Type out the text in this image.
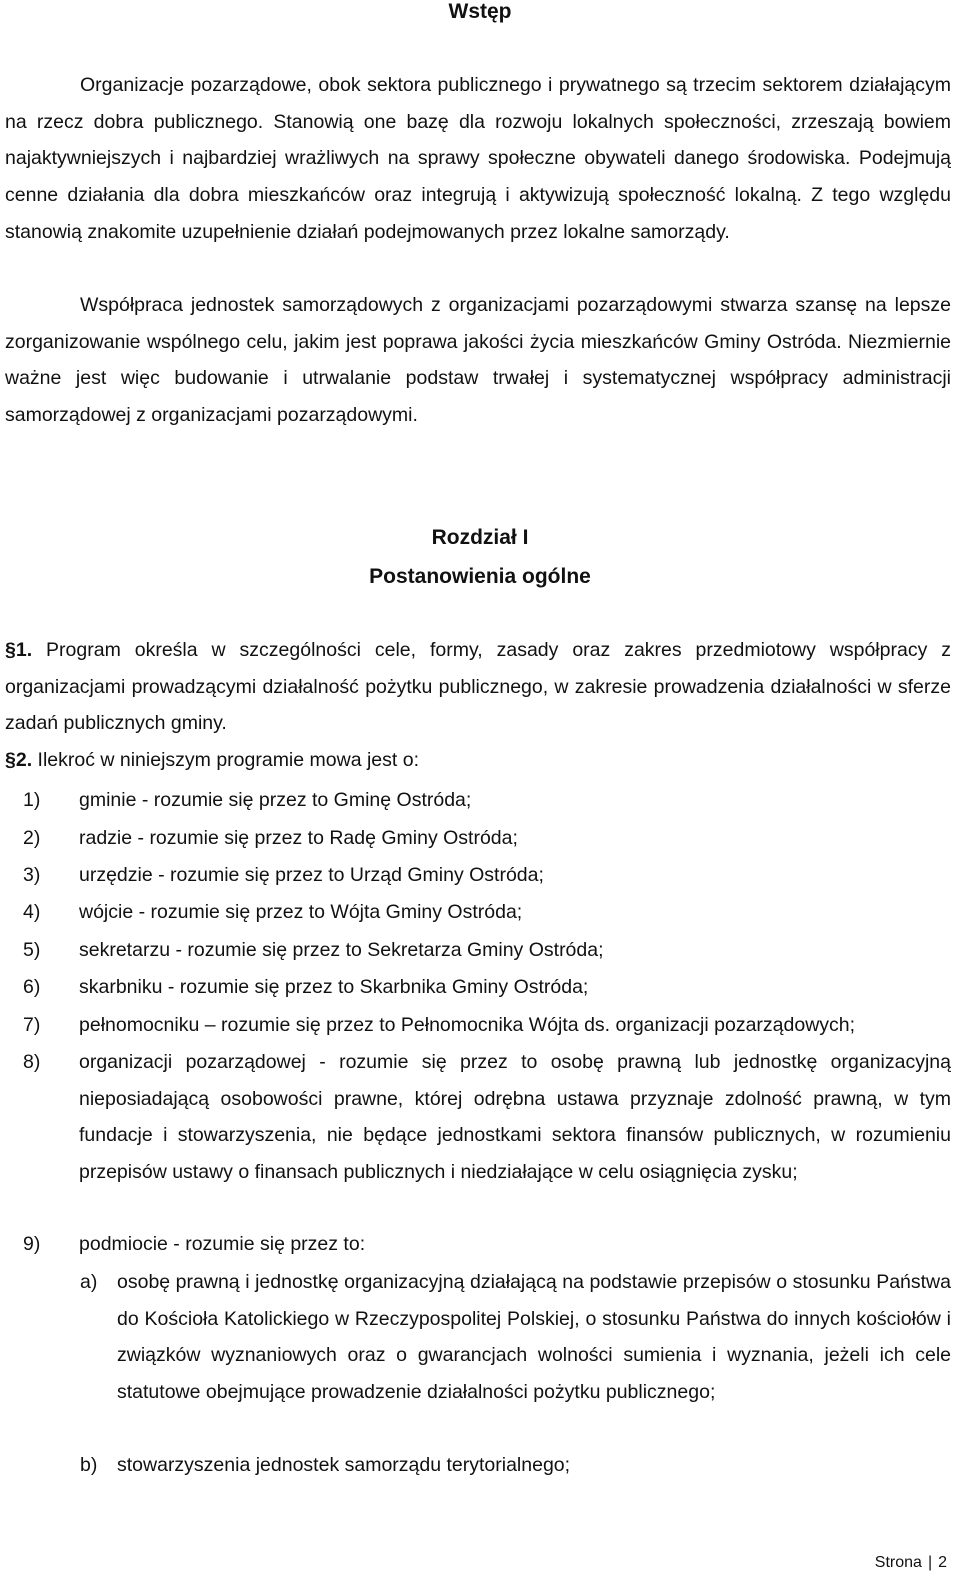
Wstęp

Organizacje pozarządowe, obok sektora publicznego i prywatnego są trzecim sektorem działającym na rzecz dobra publicznego. Stanowią one bazę dla rozwoju lokalnych społeczności, zrzeszają bowiem najaktywniejszych i najbardziej wrażliwych na sprawy społeczne obywateli danego środowiska. Podejmują cenne działania dla dobra mieszkańców oraz integrują i aktywizują społeczność lokalną. Z tego względu stanowią znakomite uzupełnienie działań podejmowanych przez lokalne samorządy.

Współpraca jednostek samorządowych z organizacjami pozarządowymi stwarza szansę na lepsze zorganizowanie wspólnego celu, jakim jest poprawa jakości życia mieszkańców Gminy Ostróda. Niezmiernie ważne jest więc budowanie i utrwalanie podstaw trwałej i systematycznej współpracy administracji samorządowej z organizacjami pozarządowymi.

Rozdział I
Postanowienia ogólne

§1. Program określa w szczególności cele, formy, zasady oraz zakres przedmiotowy współpracy z organizacjami prowadzącymi działalność pożytku publicznego, w zakresie prowadzenia działalności w sferze zadań publicznych gminy.

§2. Ilekroć w niniejszym programie mowa jest o:

1) gminie - rozumie się przez to Gminę Ostróda;
2) radzie - rozumie się przez to Radę Gminy Ostróda;
3) urzędzie - rozumie się przez to Urząd Gminy Ostróda;
4) wójcie - rozumie się przez to Wójta Gminy Ostróda;
5) sekretarzu - rozumie się przez to Sekretarza Gminy Ostróda;
6) skarbniku - rozumie się przez to Skarbnika Gminy Ostróda;
7) pełnomocniku – rozumie się przez to Pełnomocnika Wójta ds. organizacji pozarządowych;
8) organizacji pozarządowej - rozumie się przez to osobę prawną lub jednostkę organizacyjną nieposiadającą osobowości prawne, której odrębna ustawa przyznaje zdolność prawną, w tym fundacje i stowarzyszenia, nie będące jednostkami sektora finansów publicznych, w rozumieniu przepisów ustawy o finansach publicznych i niedziałające w celu osiągnięcia zysku;
9) podmiocie - rozumie się przez to:
a) osobę prawną i jednostkę organizacyjną działającą na podstawie przepisów o stosunku Państwa do Kościoła Katolickiego w Rzeczypospolitej Polskiej, o stosunku Państwa do innych kościołów i związków wyznaniowych oraz o gwarancjach wolności sumienia i wyznania, jeżeli ich cele statutowe obejmujące prowadzenie działalności pożytku publicznego;
b) stowarzyszenia jednostek samorządu terytorialnego;
Strona | 2
